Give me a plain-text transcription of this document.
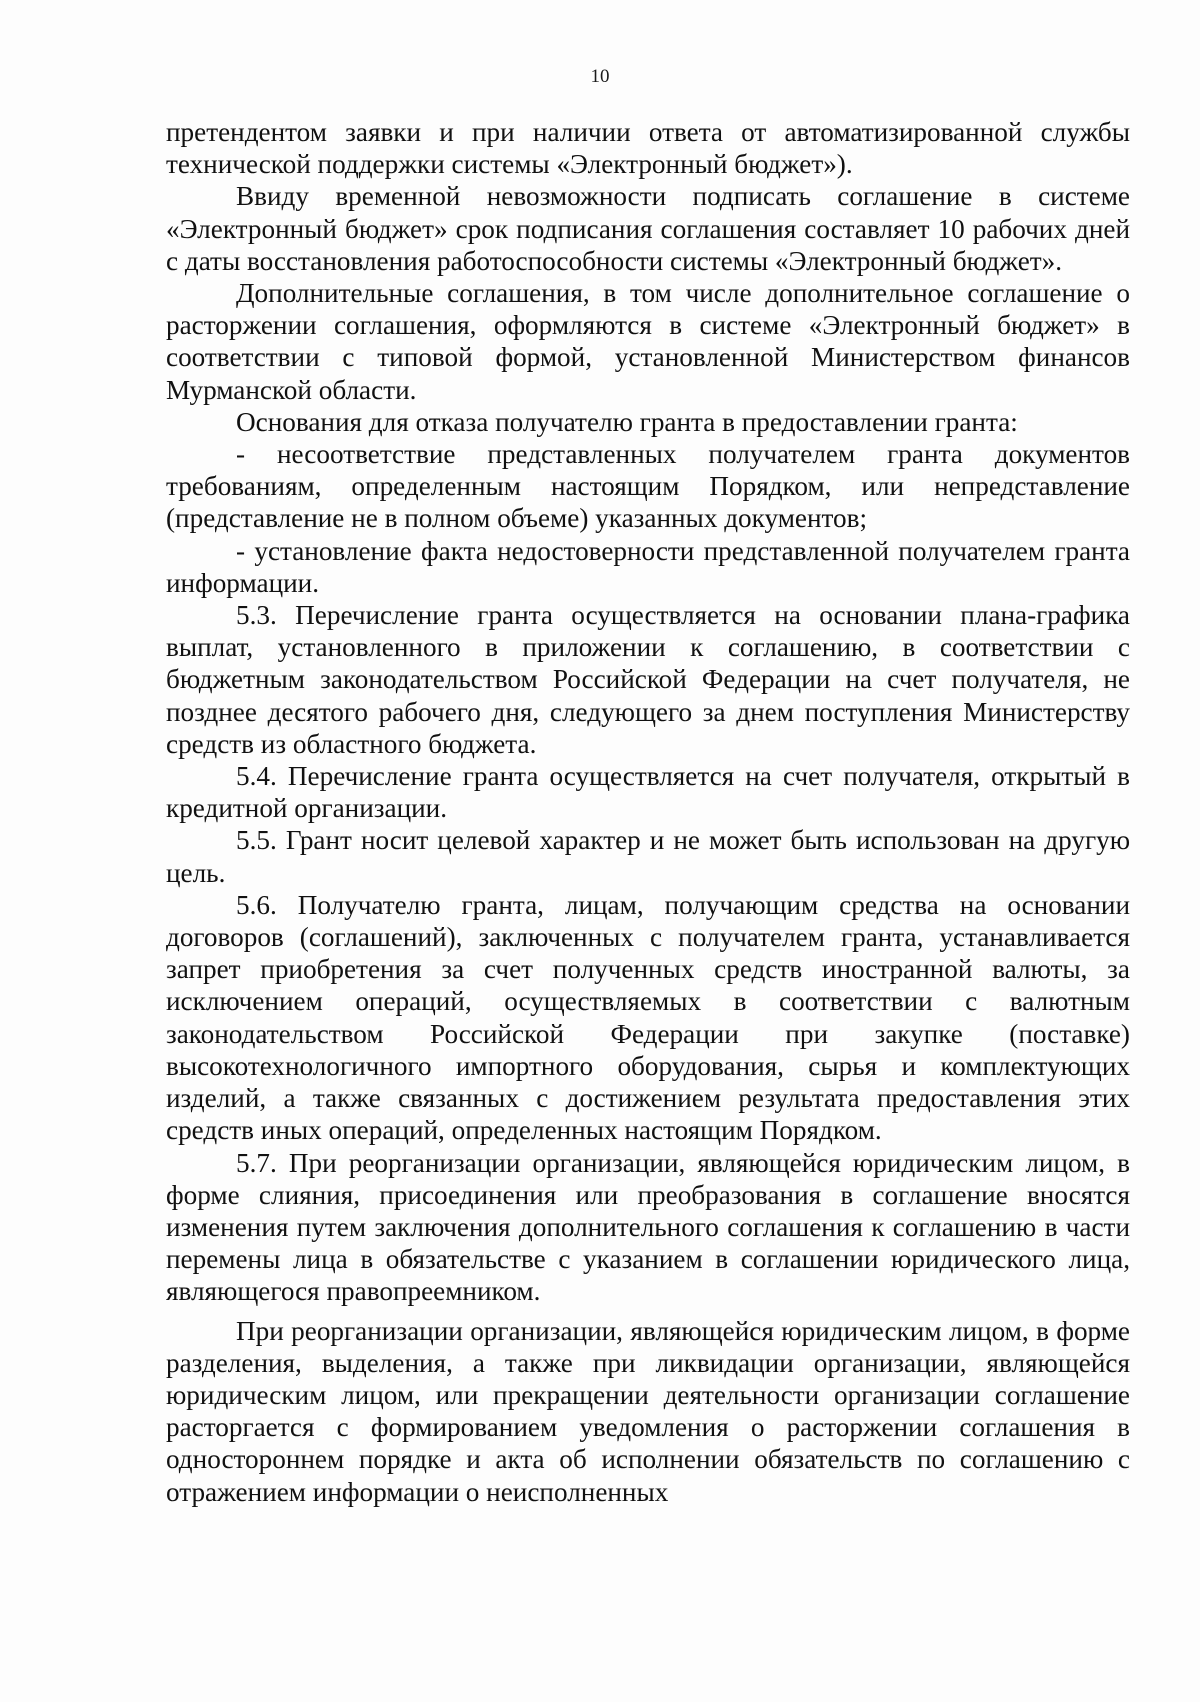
10

претендентом заявки и при наличии ответа от автоматизированной службы технической поддержки системы «Электронный бюджет»).

Ввиду временной невозможности подписать соглашение в системе «Электронный бюджет» срок подписания соглашения составляет 10 рабочих дней с даты восстановления работоспособности системы «Электронный бюджет».

Дополнительные соглашения, в том числе дополнительное соглашение о расторжении соглашения, оформляются в системе «Электронный бюджет» в соответствии с типовой формой, установленной Министерством финансов Мурманской области.

Основания для отказа получателю гранта в предоставлении гранта:

- несоответствие представленных получателем гранта документов требованиям, определенным настоящим Порядком, или непредставление (представление не в полном объеме) указанных документов;

- установление факта недостоверности представленной получателем гранта информации.

5.3. Перечисление гранта осуществляется на основании плана-графика выплат, установленного в приложении к соглашению, в соответствии с бюджетным законодательством Российской Федерации на счет получателя, не позднее десятого рабочего дня, следующего за днем поступления Министерству средств из областного бюджета.

5.4. Перечисление гранта осуществляется на счет получателя, открытый в кредитной организации.

5.5. Грант носит целевой характер и не может быть использован на другую цель.

5.6. Получателю гранта, лицам, получающим средства на основании договоров (соглашений), заключенных с получателем гранта, устанавливается запрет приобретения за счет полученных средств иностранной валюты, за исключением операций, осуществляемых в соответствии с валютным законодательством Российской Федерации при закупке (поставке) высокотехнологичного импортного оборудования, сырья и комплектующих изделий, а также связанных с достижением результата предоставления этих средств иных операций, определенных настоящим Порядком.

5.7. При реорганизации организации, являющейся юридическим лицом, в форме слияния, присоединения или преобразования в соглашение вносятся изменения путем заключения дополнительного соглашения к соглашению в части перемены лица в обязательстве с указанием в соглашении юридического лица, являющегося правопреемником.

При реорганизации организации, являющейся юридическим лицом, в форме разделения, выделения, а также при ликвидации организации, являющейся юридическим лицом, или прекращении деятельности организации соглашение расторгается с формированием уведомления о расторжении соглашения в одностороннем порядке и акта об исполнении обязательств по соглашению с отражением информации о неисполненных
